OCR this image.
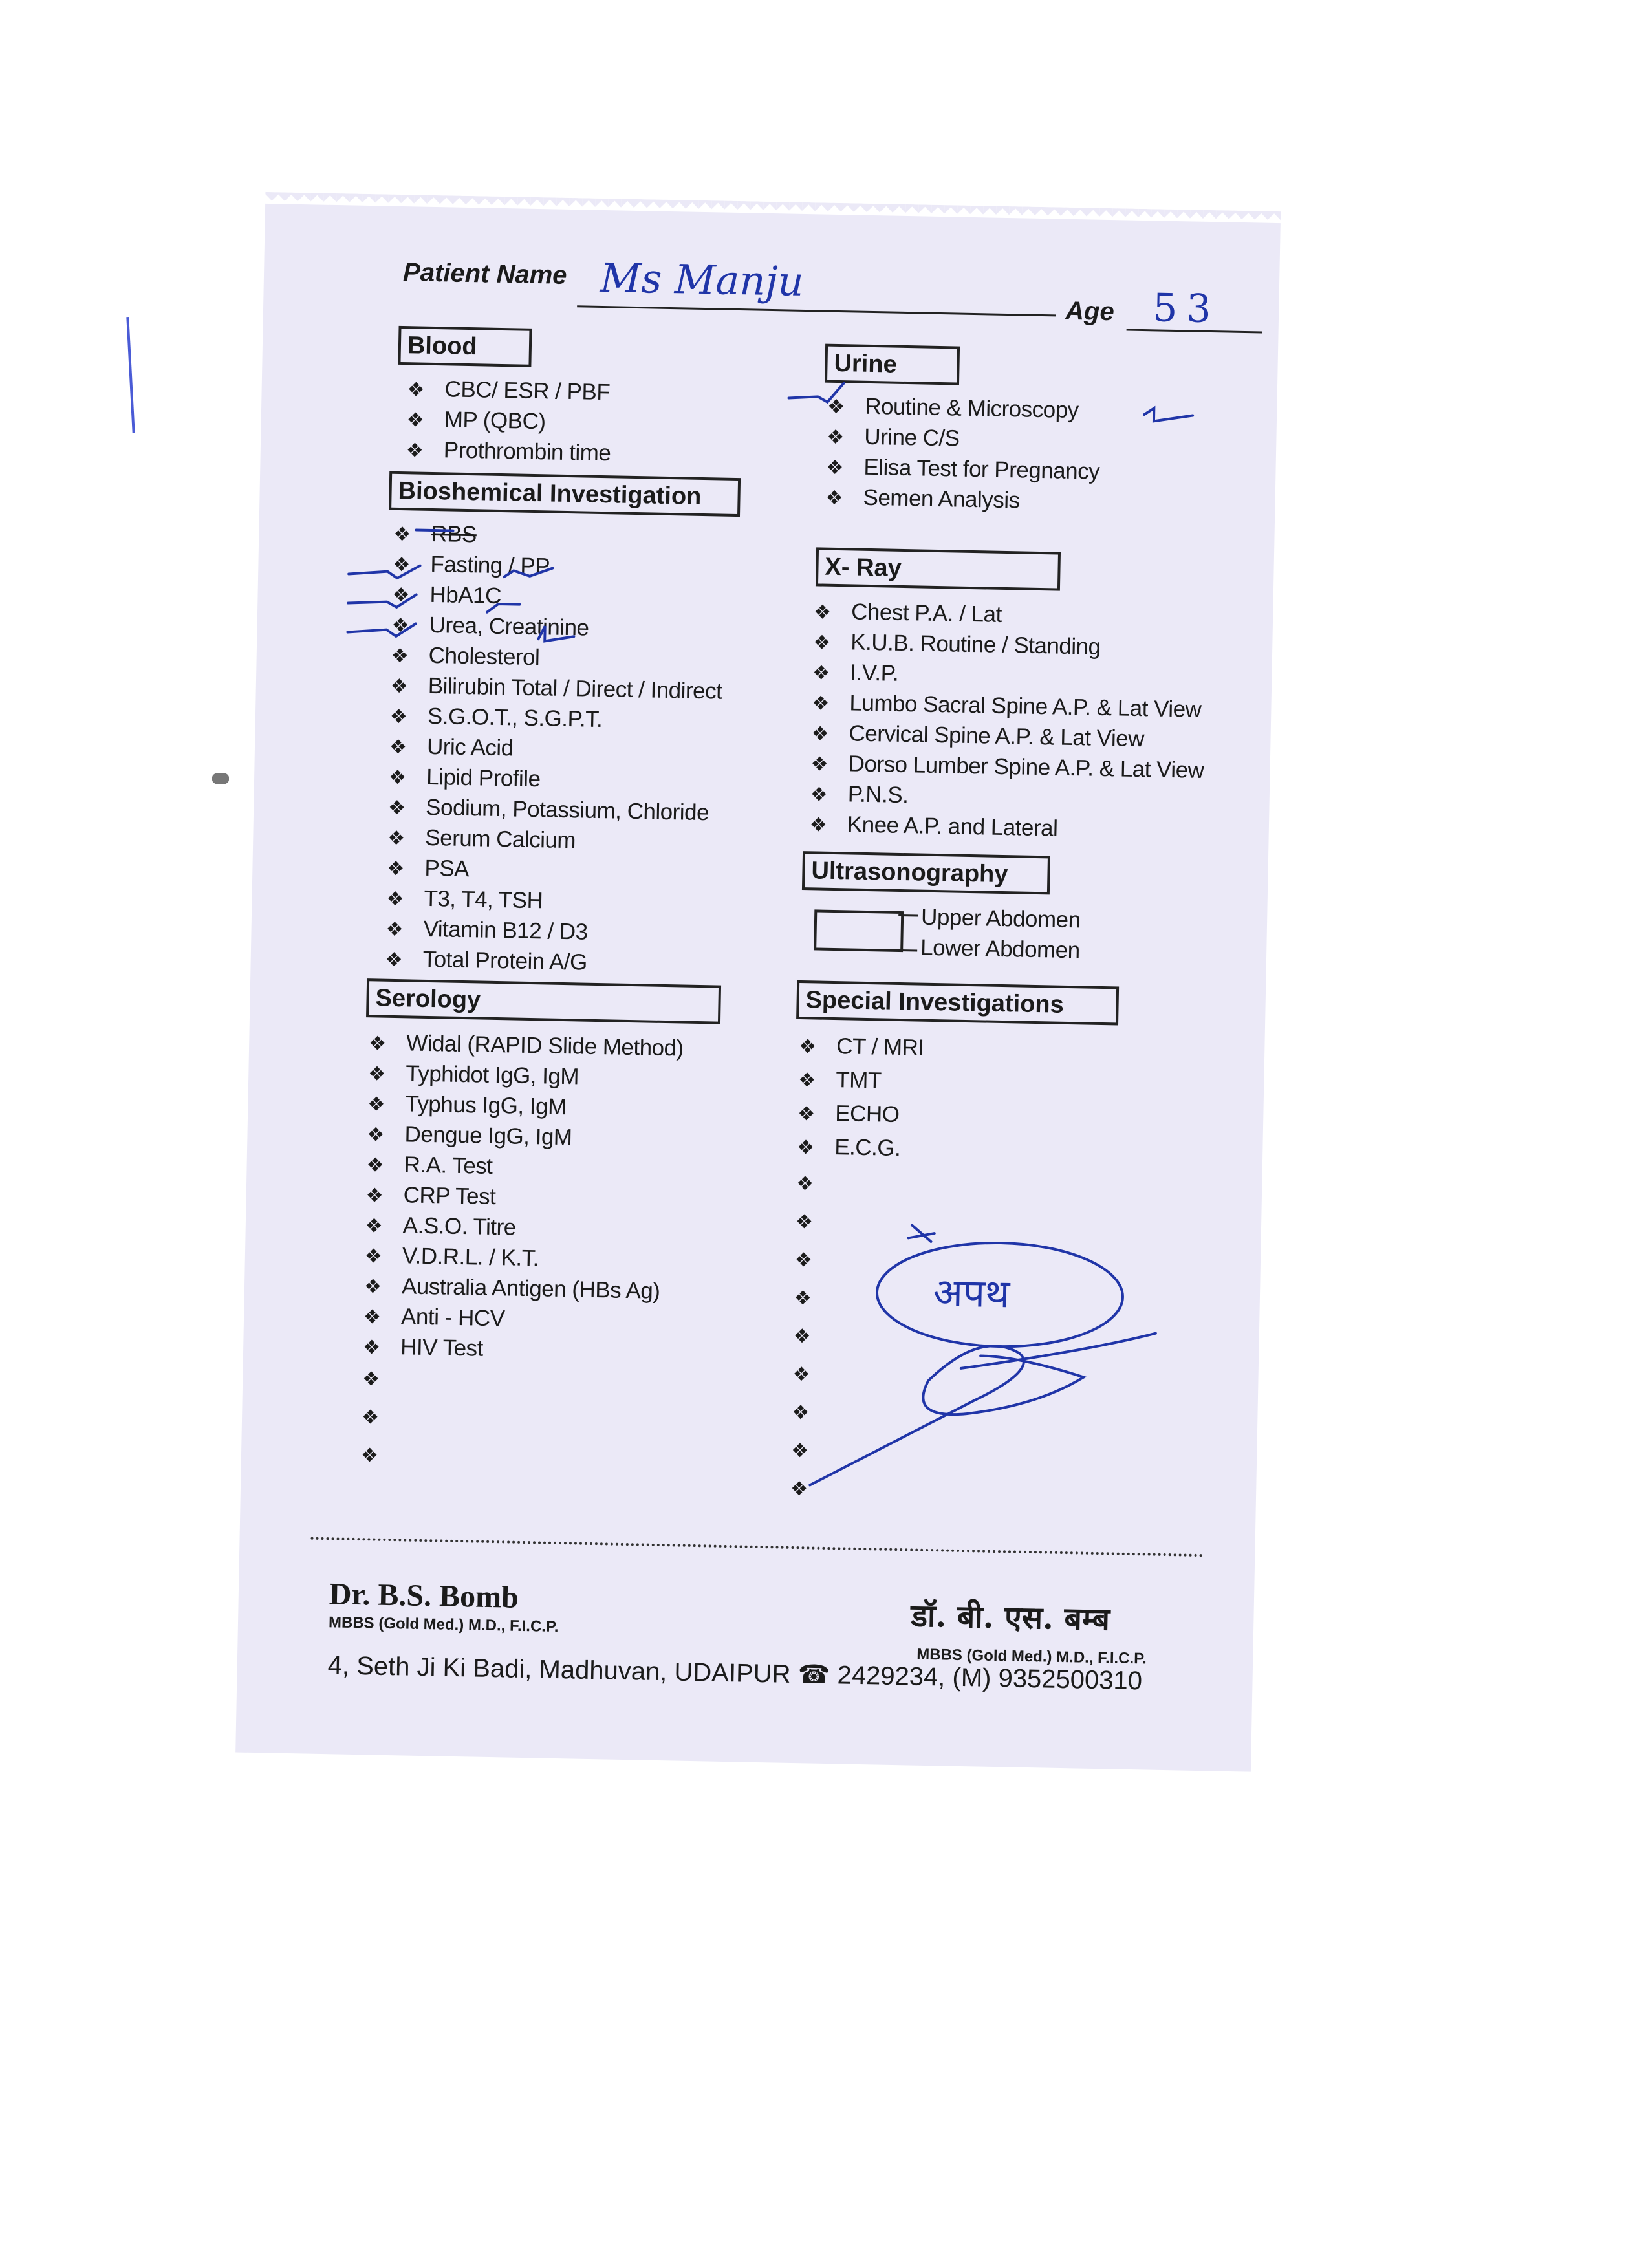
Patient Name Ms Manju
Age 53
Blood
❖ CBC/ ESR / PBF
❖ MP (QBC)
❖ Prothrombin time
Bioshemical Investigation
❖ RBS
❖ Fasting / PP
❖ HbA1C
❖ Urea, Creatinine
❖ Cholesterol
❖ Bilirubin Total / Direct / Indirect
❖ S.G.O.T., S.G.P.T.
❖ Uric Acid
❖ Lipid Profile
❖ Sodium, Potassium, Chloride
❖ Serum Calcium
❖ PSA
❖ T3, T4, TSH
❖ Vitamin B12 / D3
❖ Total Protein A/G
Serology
❖ Widal (RAPID Slide Method)
❖ Typhidot IgG, IgM
❖ Typhus IgG, IgM
❖ Dengue IgG, IgM
❖ R.A. Test
❖ CRP Test
❖ A.S.O. Titre
❖ V.D.R.L. / K.T.
❖ Australia Antigen (HBs Ag)
❖ Anti - HCV
❖ HIV Test
❖
❖
❖
Urine
❖ Routine & Microscopy
❖ Urine C/S
❖ Elisa Test for Pregnancy
❖ Semen Analysis
X- Ray
❖ Chest P.A. / Lat
❖ K.U.B. Routine / Standing
❖ I.V.P.
❖ Lumbo Sacral Spine A.P. & Lat View
❖ Cervical Spine A.P. & Lat View
❖ Dorso Lumber Spine A.P. & Lat View
❖ P.N.S.
❖ Knee A.P. and Lateral
Ultrasonography
Upper Abdomen
Lower Abdomen
Special Investigations
❖ CT / MRI
❖ TMT
❖ ECHO
❖ E.C.G.
❖
❖
❖
❖
❖
❖
❖
❖
❖
अपथ
Dr. B.S. Bomb
MBBS (Gold Med.) M.D., F.I.C.P.	डॉ. बी. एस. बम्ब
MBBS (Gold Med.) M.D., F.I.C.P.
4, Seth Ji Ki Badi, Madhuvan, UDAIPUR ☎ 2429234, (M) 9352500310
